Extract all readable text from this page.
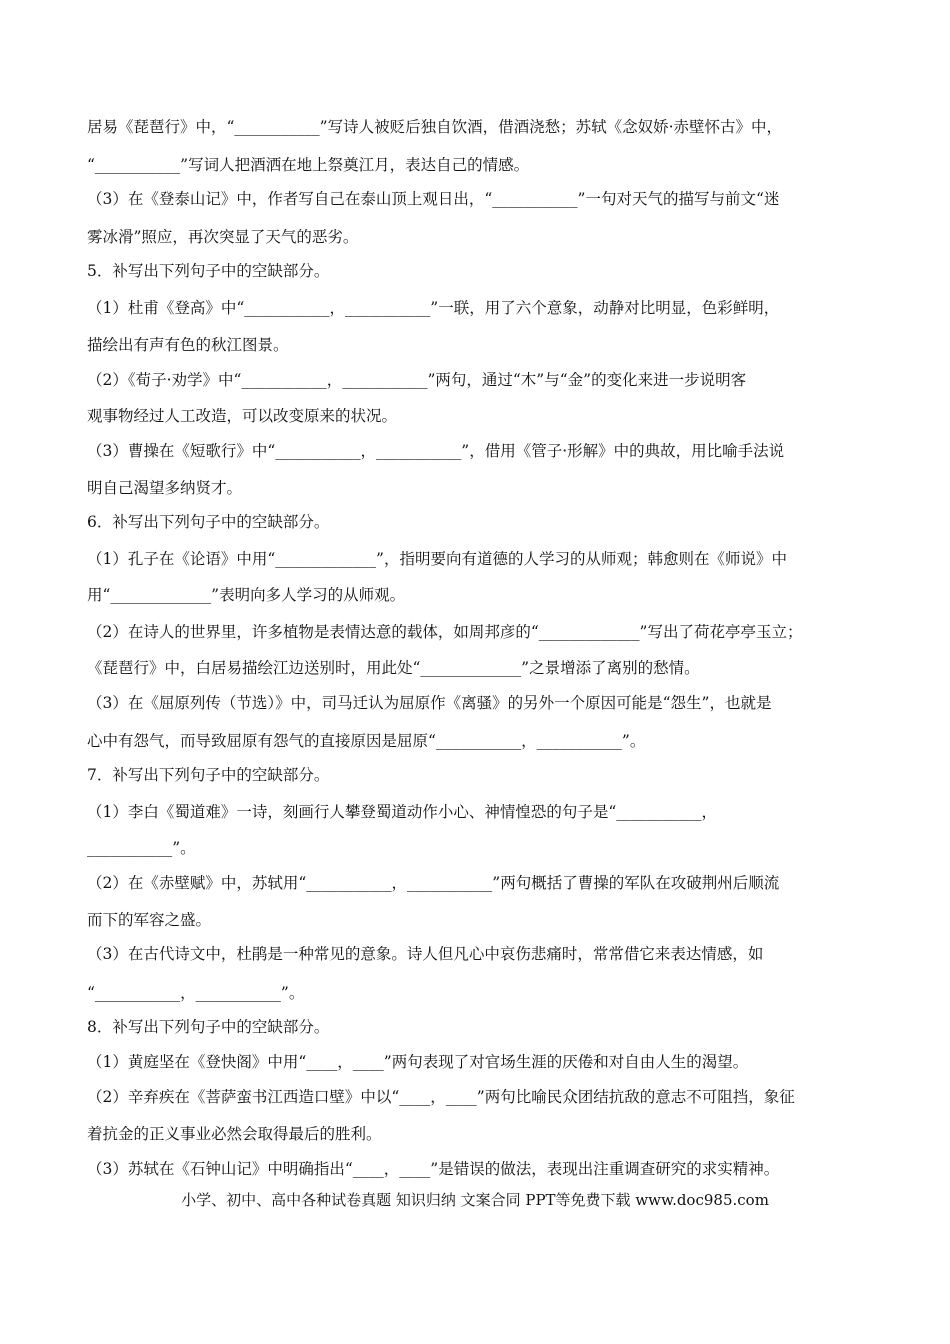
居易《琵琶行》中，“___________”写诗人被贬后独自饮酒，借酒浇愁；苏轼《念奴娇·赤壁怀古》中，
“___________”写词人把酒洒在地上祭奠江月，表达自己的情感。
（3）在《登泰山记》中，作者写自己在泰山顶上观日出，“___________”一句对天气的描写与前文“迷
雾冰滑”照应，再次突显了天气的恶劣。
5．补写出下列句子中的空缺部分。
（1）杜甫《登高》中“___________，___________”一联，用了六个意象，动静对比明显，色彩鲜明，
描绘出有声有色的秋江图景。
（2）《荀子·劝学》中“___________，___________”两句，通过“木”与“金”的变化来进一步说明客
观事物经过人工改造，可以改变原来的状况。
（3）曹操在《短歌行》中“___________，___________”，借用《管子·形解》中的典故，用比喻手法说
明自己渴望多纳贤才。
6．补写出下列句子中的空缺部分。
（1）孔子在《论语》中用“_____________”，指明要向有道德的人学习的从师观；韩愈则在《师说》中
用“_____________”表明向多人学习的从师观。
（2）在诗人的世界里，许多植物是表情达意的载体，如周邦彦的“_____________”写出了荷花亭亭玉立；
《琵琶行》中，白居易描绘江边送别时，用此处“_____________”之景增添了离别的愁情。
（3）在《屈原列传（节选）》中，司马迁认为屈原作《离骚》的另外一个原因可能是“怨生”，也就是
心中有怨气，而导致屈原有怨气的直接原因是屈原“___________，___________”。
7．补写出下列句子中的空缺部分。
（1）李白《蜀道难》一诗，刻画行人攀登蜀道动作小心、神情惶恐的句子是“___________，
___________”。
（2）在《赤壁赋》中，苏轼用“___________，___________”两句概括了曹操的军队在攻破荆州后顺流
而下的军容之盛。
（3）在古代诗文中，杜鹃是一种常见的意象。诗人但凡心中哀伤悲痛时，常常借它来表达情感，如
“___________，___________”。
8．补写出下列句子中的空缺部分。
（1）黄庭坚在《登快阁》中用“____，____”两句表现了对官场生涯的厌倦和对自由人生的渴望。
（2）辛弃疾在《菩萨蛮书江西造口壁》中以“____，____”两句比喻民众团结抗敌的意志不可阻挡，象征
着抗金的正义事业必然会取得最后的胜利。
（3）苏轼在《石钟山记》中明确指出“____，____”是错误的做法，表现出注重调查研究的求实精神。
小学、初中、高中各种试卷真题 知识归纳 文案合同 PPT等免费下载 www.doc985.com
